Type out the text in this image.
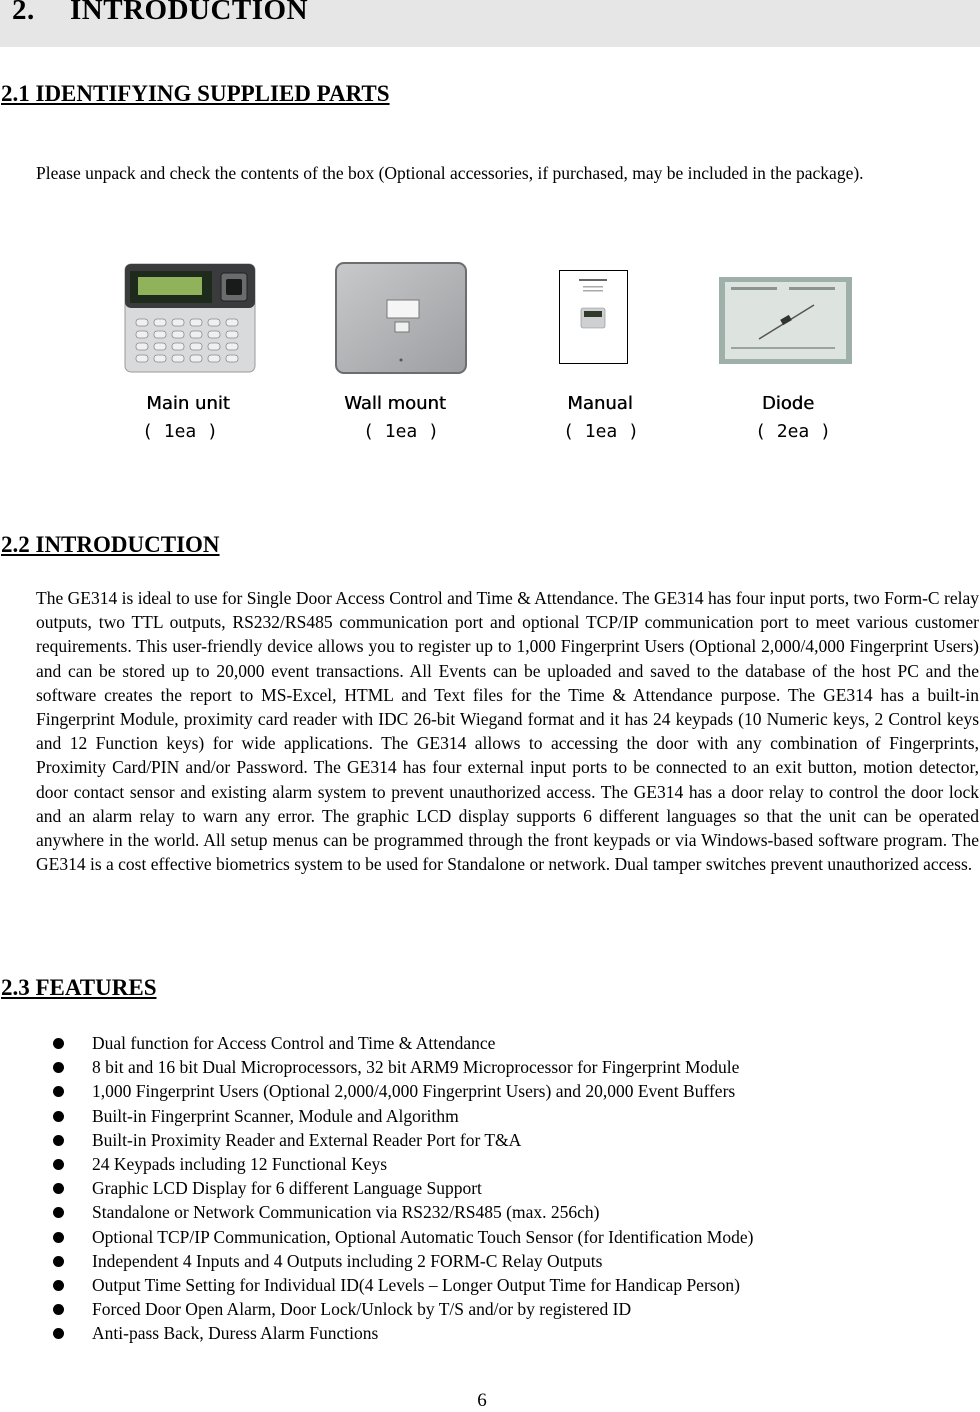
2. INTRODUCTION
2.1 IDENTIFYING SUPPLIED PARTS

Please unpack and check the contents of the box (Optional accessories, if purchased, may be included in the package).

Main unit
( 1ea )
Wall mount
( 1ea )
Manual
( 1ea )
Diode
( 2ea )
2.2 INTRODUCTION

The GE314 is ideal to use for Single Door Access Control and Time & Attendance. The GE314 has four input ports, two Form-C relay outputs, two TTL outputs, RS232/RS485 communication port and optional TCP/IP communication port to meet various customer requirements. This user-friendly device allows you to register up to 1,000 Fingerprint Users (Optional 2,000/4,000 Fingerprint Users) and can be stored up to 20,000 event transactions. All Events can be uploaded and saved to the database of the host PC and the software creates the report to MS-Excel, HTML and Text files for the Time & Attendance purpose. The GE314 has a built-in Fingerprint Module, proximity card reader with IDC 26-bit Wiegand format and it has 24 keypads (10 Numeric keys, 2 Control keys and 12 Function keys) for wide applications. The GE314 allows to accessing the door with any combination of Fingerprints, Proximity Card/PIN and/or Password. The GE314 has four external input ports to be connected to an exit button, motion detector, door contact sensor and existing alarm system to prevent unauthorized access. The GE314 has a door relay to control the door lock and an alarm relay to warn any error. The graphic LCD display supports 6 different languages so that the unit can be operated anywhere in the world. All setup menus can be programmed through the front keypads or via Windows-based software program. The GE314 is a cost effective biometrics system to be used for Standalone or network. Dual tamper switches prevent unauthorized access.

2.3 FEATURES
Dual function for Access Control and Time & Attendance
8 bit and 16 bit Dual Microprocessors, 32 bit ARM9 Microprocessor for Fingerprint Module
1,000 Fingerprint Users (Optional 2,000/4,000 Fingerprint Users) and 20,000 Event Buffers
Built-in Fingerprint Scanner, Module and Algorithm
Built-in Proximity Reader and External Reader Port for T&A
24 Keypads including 12 Functional Keys
Graphic LCD Display for 6 different Language Support
Standalone or Network Communication via RS232/RS485 (max. 256ch)
Optional TCP/IP Communication, Optional Automatic Touch Sensor (for Identification Mode)
Independent 4 Inputs and 4 Outputs including 2 FORM-C Relay Outputs
Output Time Setting for Individual ID(4 Levels – Longer Output Time for Handicap Person)
Forced Door Open Alarm, Door Lock/Unlock by T/S and/or by registered ID
Anti-pass Back, Duress Alarm Functions
6
